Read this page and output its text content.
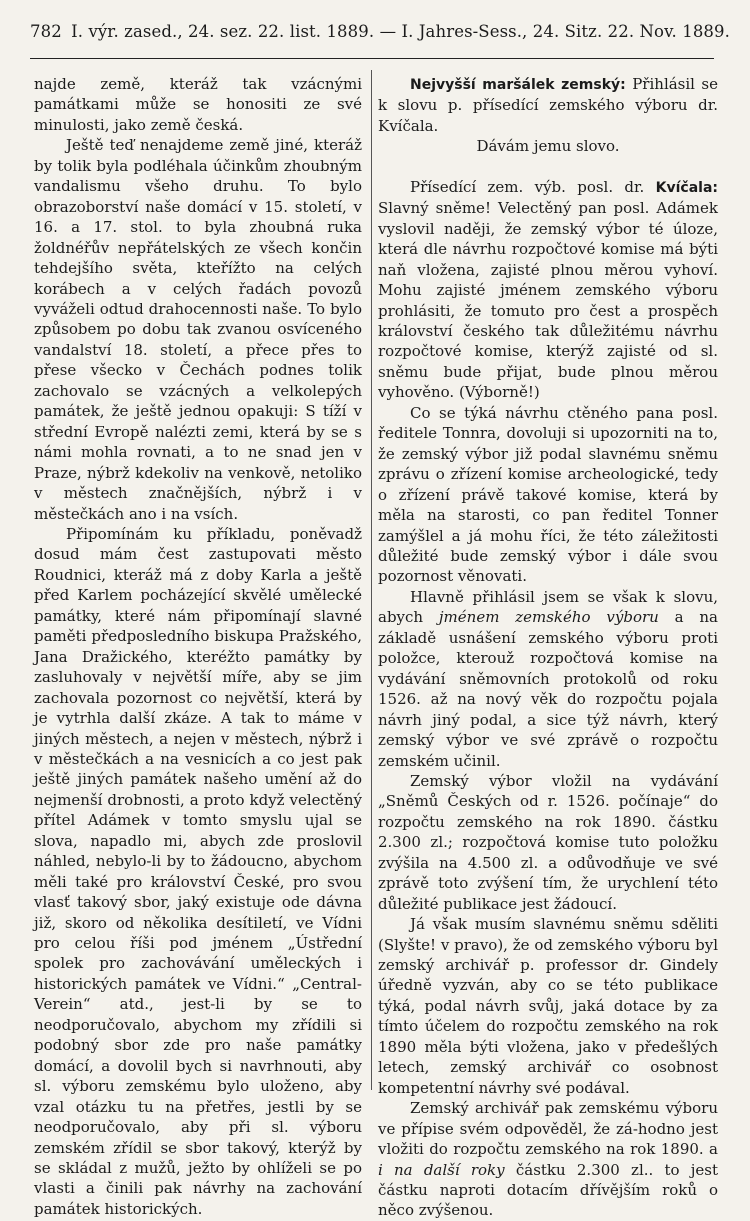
782 I. výr. zased., 24. sez. 22. list. 1889. — I. Jahres-Sess., 24. Sitz. 22. Nov. 1889.

najde země, kteráž tak vzácnými památkami může se honositi ze své minulosti, jako země česká.

Ještě teď nenajdeme země jiné, kteráž by tolik byla podléhala účinkům zhoubným vandalismu všeho druhu. To bylo obrazoborství naše domácí v 15. století, v 16. a 17. stol. to byla zhoubná ruka žoldnéřův nepřátelských ze všech končin tehdejšího světa, kteřížto na celých korábech a v celých řadách povozů vyváželi odtud drahocennosti naše. To bylo způsobem po dobu tak zvanou osvíceného vandalství 18. století, a přece přes to přese všecko v Čechách podnes tolik zachovalo se vzácných a velkolepých památek, že ještě jednou opakuji: S tíží v střední Evropě nalézti zemi, která by se s námi mohla rovnati, a to ne snad jen v Praze, nýbrž kdekoliv na venkově, netoliko v městech značnějších, nýbrž i v městečkách ano i na vsích.

Připomínám ku příkladu, poněvadž dosud mám čest zastupovati město Roudnici, kteráž má z doby Karla a ještě před Karlem pocházející skvělé umělecké památky, které nám připomínají slavné paměti předposledního biskupa Pražského, Jana Dražického, kteréžto památky by zasluhovaly v největší míře, aby se jim zachovala pozornost co největší, která by je vytrhla další zkáze. A tak to máme v jiných městech, a nejen v městech, nýbrž i v městečkách a na vesnicích a co jest pak ještě jiných památek našeho umění až do nejmenší drobnosti, a proto když velectěný přítel Adámek v tomto smyslu ujal se slova, napadlo mi, abych zde proslovil náhled, nebylo-li by to žádoucno, abychom měli také pro království České, pro svou vlasť takový sbor, jaký existuje ode dávna již, skoro od několika desítiletí, ve Vídni pro celou říši pod jménem „Ústřední spolek pro zachovávání uměleckých i historických památek ve Vídni.“ „Central-Verein“ atd., jest-li by se to neodporučovalo, abychom my zřídili si podobný sbor zde pro naše památky domácí, a dovolil bych si navrhnouti, aby sl. výboru zemskému bylo uloženo, aby vzal otázku tu na přetřes, jestli by se neodporučovalo, aby při sl. výboru zemském zřídil se sbor takový, kterýž by se skládal z mužů, ježto by ohlíželi se po vlasti a činili pak návrhy na zachování památek historických.

Nejvyšší maršálek zemský: Přihlásil se k slovu p. přísedící zemského výboru dr. Kvíčala.

Dávám jemu slovo.

Přísedící zem. výb. posl. dr. Kvíčala: Slavný sněme! Velectěný pan posl. Adámek vyslovil naději, že zemský výbor té úloze, která dle návrhu rozpočtové komise má býti naň vložena, zajisté plnou měrou vyhoví. Mohu zajisté jménem zemského výboru prohlásiti, že tomuto pro čest a prospěch království českého tak důležitému návrhu rozpočtové komise, kterýž zajisté od sl. sněmu bude přijat, bude plnou měrou vyhověno. (Výborně!)

Co se týká návrhu ctěného pana posl. ředitele Tonnra, dovoluji si upozorniti na to, že zemský výbor již podal slavnému sněmu zprávu o zřízení komise archeologické, tedy o zřízení právě takové komise, která by měla na starosti, co pan ředitel Tonner zamýšlel a já mohu říci, že této záležitosti důležité bude zemský výbor i dále svou pozornost věnovati.

Hlavně přihlásil jsem se však k slovu, abych jménem zemského výboru a na základě usnášení zemského výboru proti položce, kterouž rozpočtová komise na vydávání sněmovních protokolů od roku 1526. až na nový věk do rozpočtu pojala návrh jiný podal, a sice týž návrh, který zemský výbor ve své zprávě o rozpočtu zemském učinil.

Zemský výbor vložil na vydávání „Sněmů Českých od r. 1526. počínaje“ do rozpočtu zemského na rok 1890. částku 2.300 zl.; rozpočtová komise tuto položku zvýšila na 4.500 zl. a odůvodňuje ve své zprávě toto zvýšení tím, že urychlení této důležité publikace jest žádoucí.

Já však musím slavnému sněmu sděliti (Slyšte! v pravo), že od zemského výboru byl zemský archivář p. professor dr. Gindely úředně vyzván, aby co se této publikace týká, podal návrh svůj, jaká dotace by za tímto účelem do rozpočtu zemského na rok 1890 měla býti vložena, jako v předešlých letech, zemský archivář co osobnost kompetentní návrhy své podával.

Zemský archivář pak zemskému výboru ve přípise svém odpověděl, že zá-hodno jest vložiti do rozpočtu zemského na rok 1890. a i na další roky částku 2.300 zl.. to jest částku naproti dotacím dřívějším roků o něco zvýšenou.
